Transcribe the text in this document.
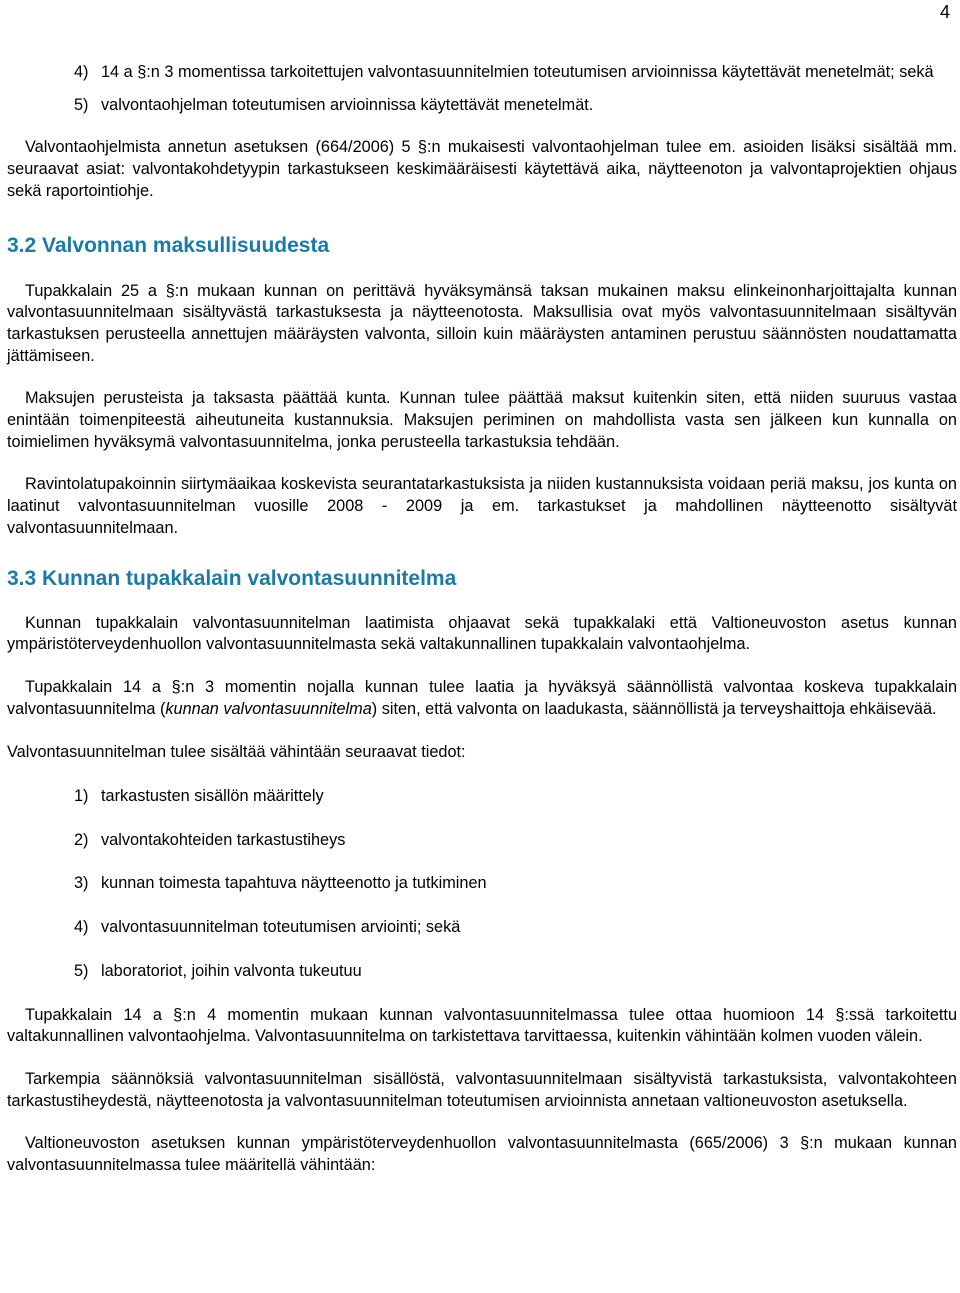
4
4) 14 a §:n 3 momentissa tarkoitettujen valvontasuunnitelmien toteutumisen arvioinnissa käytettävät menetelmät; sekä
5) valvontaohjelman toteutumisen arvioinnissa käytettävät menetelmät.

Valvontaohjelmista annetun asetuksen (664/2006) 5 §:n mukaisesti valvontaohjelman tulee em. asioiden lisäksi sisältää mm. seuraavat asiat: valvontakohdetyypin tarkastukseen keskimääräisesti käytettävä aika, näytteenoton ja valvontaprojektien ohjaus sekä raportointiohje.

3.2 Valvonnan maksullisuudesta

Tupakkalain 25 a §:n mukaan kunnan on perittävä hyväksymänsä taksan mukainen maksu elinkeinonharjoittajalta kunnan valvontasuunnitelmaan sisältyvästä tarkastuksesta ja näytteenotosta. Maksullisia ovat myös valvontasuunnitelmaan sisältyvän tarkastuksen perusteella annettujen määräysten valvonta, silloin kuin määräysten antaminen perustuu säännösten noudattamatta jättämiseen.

Maksujen perusteista ja taksasta päättää kunta. Kunnan tulee päättää maksut kuitenkin siten, että niiden suuruus vastaa enintään toimenpiteestä aiheutuneita kustannuksia. Maksujen periminen on mahdollista vasta sen jälkeen kun kunnalla on toimielimen hyväksymä valvontasuunnitelma, jonka perusteella tarkastuksia tehdään.

Ravintolatupakoinnin siirtymäaikaa koskevista seurantatarkastuksista ja niiden kustannuksista voidaan periä maksu, jos kunta on laatinut valvontasuunnitelman vuosille 2008 - 2009 ja em. tarkastukset ja mahdollinen näytteenotto sisältyvät valvontasuunnitelmaan.

3.3 Kunnan tupakkalain valvontasuunnitelma

Kunnan tupakkalain valvontasuunnitelman laatimista ohjaavat sekä tupakkalaki että Valtioneuvoston asetus kunnan ympäristöterveydenhuollon valvontasuunnitelmasta sekä valtakunnallinen tupakkalain valvontaohjelma.

Tupakkalain 14 a §:n 3 momentin nojalla kunnan tulee laatia ja hyväksyä säännöllistä valvontaa koskeva tupakkalain valvontasuunnitelma (kunnan valvontasuunnitelma) siten, että valvonta on laadukasta, säännöllistä ja terveyshaittoja ehkäisevää.

Valvontasuunnitelman tulee sisältää vähintään seuraavat tiedot:

1) tarkastusten sisällön määrittely
2) valvontakohteiden tarkastustiheys
3) kunnan toimesta tapahtuva näytteenotto ja tutkiminen
4) valvontasuunnitelman toteutumisen arviointi; sekä
5) laboratoriot, joihin valvonta tukeutuu

Tupakkalain 14 a §:n 4 momentin mukaan kunnan valvontasuunnitelmassa tulee ottaa huomioon 14 §:ssä tarkoitettu valtakunnallinen valvontaohjelma. Valvontasuunnitelma on tarkistettava tarvittaessa, kuitenkin vähintään kolmen vuoden välein.

Tarkempia säännöksiä valvontasuunnitelman sisällöstä, valvontasuunnitelmaan sisältyvistä tarkastuksista, valvontakohteen tarkastustiheydestä, näytteenotosta ja valvontasuunnitelman toteutumisen arvioinnista annetaan valtioneuvoston asetuksella.

Valtioneuvoston asetuksen kunnan ympäristöterveydenhuollon valvontasuunnitelmasta (665/2006) 3 §:n mukaan kunnan valvontasuunnitelmassa tulee määritellä vähintään:
